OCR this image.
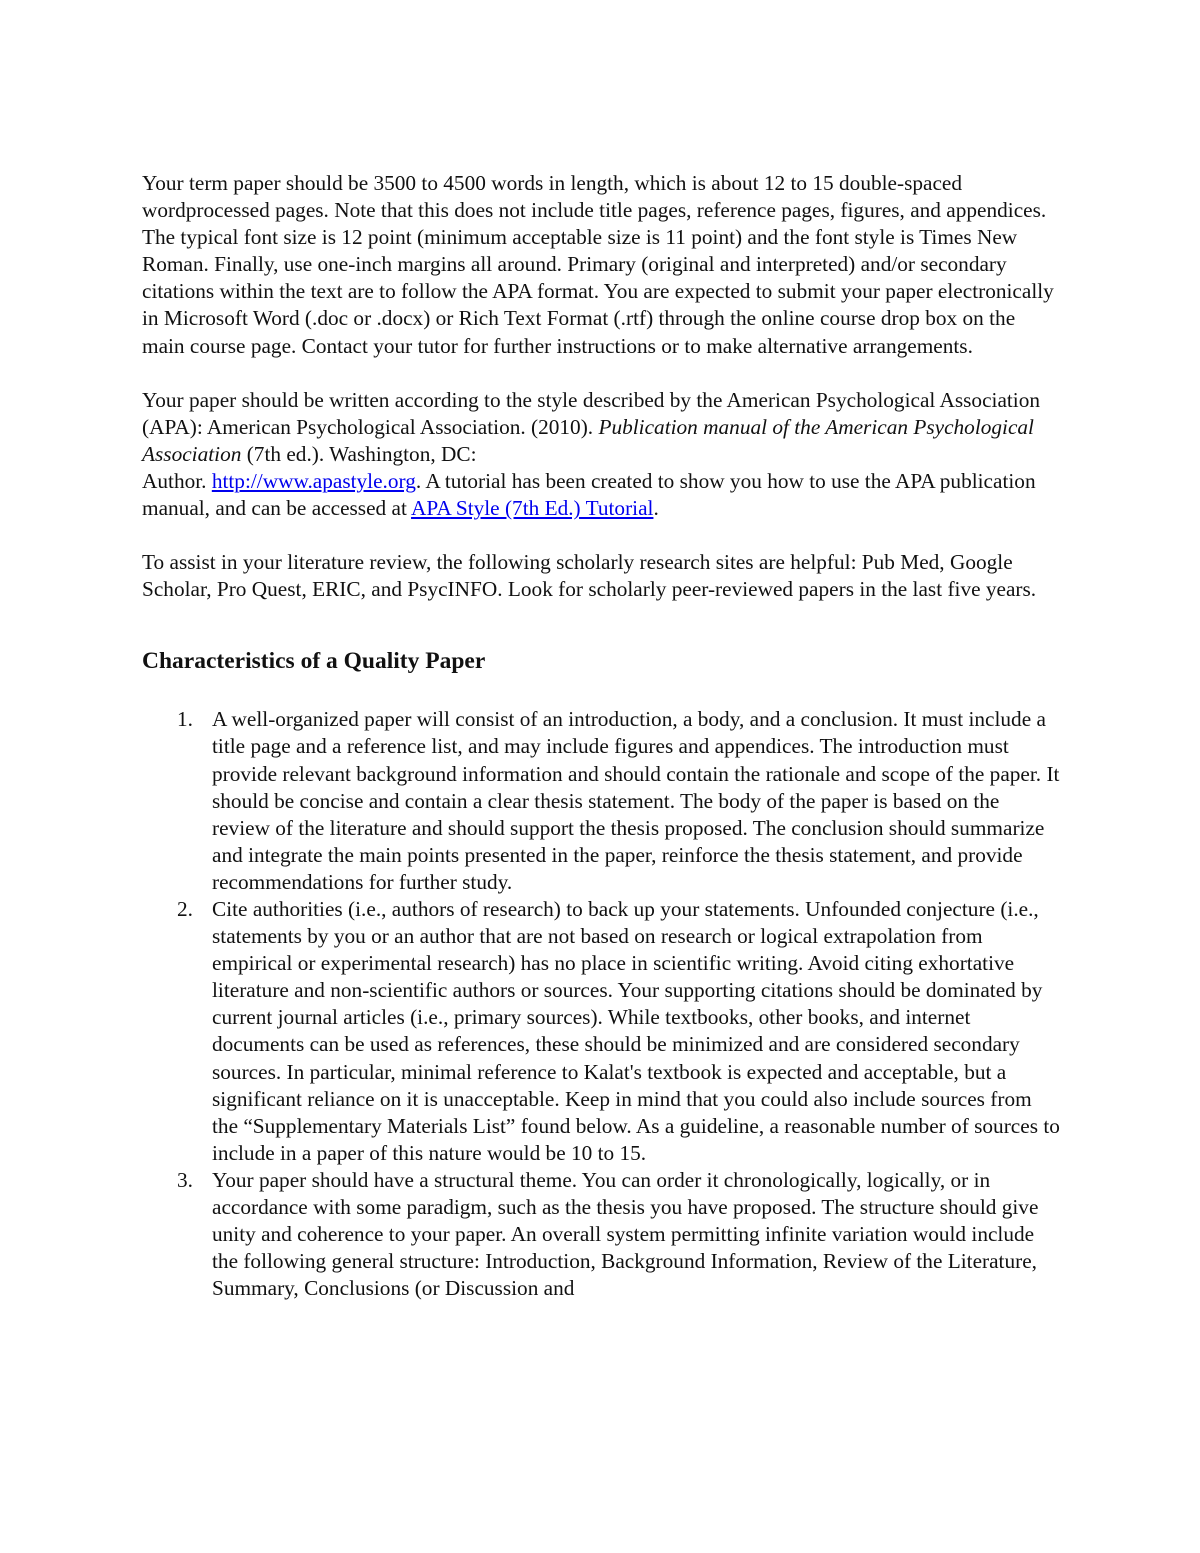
Your term paper should be 3500 to 4500 words in length, which is about 12 to 15 double-spaced wordprocessed pages. Note that this does not include title pages, reference pages, figures, and appendices. The typical font size is 12 point (minimum acceptable size is 11 point) and the font style is Times New Roman. Finally, use one-inch margins all around. Primary (original and interpreted) and/or secondary citations within the text are to follow the APA format. You are expected to submit your paper electronically in Microsoft Word (.doc or .docx) or Rich Text Format (.rtf) through the online course drop box on the main course page. Contact your tutor for further instructions or to make alternative arrangements.

Your paper should be written according to the style described by the American Psychological Association (APA): American Psychological Association. (2010). Publication manual of the American Psychological Association (7th ed.). Washington, DC:
Author. http://www.apastyle.org. A tutorial has been created to show you how to use the APA publication manual, and can be accessed at APA Style (7th Ed.) Tutorial.

To assist in your literature review, the following scholarly research sites are helpful: Pub Med, Google Scholar, Pro Quest, ERIC, and PsycINFO. Look for scholarly peer-reviewed papers in the last five years.

Characteristics of a Quality Paper
1. A well-organized paper will consist of an introduction, a body, and a conclusion. It must include a title page and a reference list, and may include figures and appendices. The introduction must provide relevant background information and should contain the rationale and scope of the paper. It should be concise and contain a clear thesis statement. The body of the paper is based on the review of the literature and should support the thesis proposed. The conclusion should summarize and integrate the main points presented in the paper, reinforce the thesis statement, and provide recommendations for further study.
2. Cite authorities (i.e., authors of research) to back up your statements. Unfounded conjecture (i.e., statements by you or an author that are not based on research or logical extrapolation from empirical or experimental research) has no place in scientific writing. Avoid citing exhortative literature and non-scientific authors or sources. Your supporting citations should be dominated by current journal articles (i.e., primary sources). While textbooks, other books, and internet documents can be used as references, these should be minimized and are considered secondary sources. In particular, minimal reference to Kalat's textbook is expected and acceptable, but a significant reliance on it is unacceptable. Keep in mind that you could also include sources from the “Supplementary Materials List” found below. As a guideline, a reasonable number of sources to include in a paper of this nature would be 10 to 15.
3. Your paper should have a structural theme. You can order it chronologically, logically, or in accordance with some paradigm, such as the thesis you have proposed. The structure should give unity and coherence to your paper. An overall system permitting infinite variation would include the following general structure: Introduction, Background Information, Review of the Literature, Summary, Conclusions (or Discussion and
